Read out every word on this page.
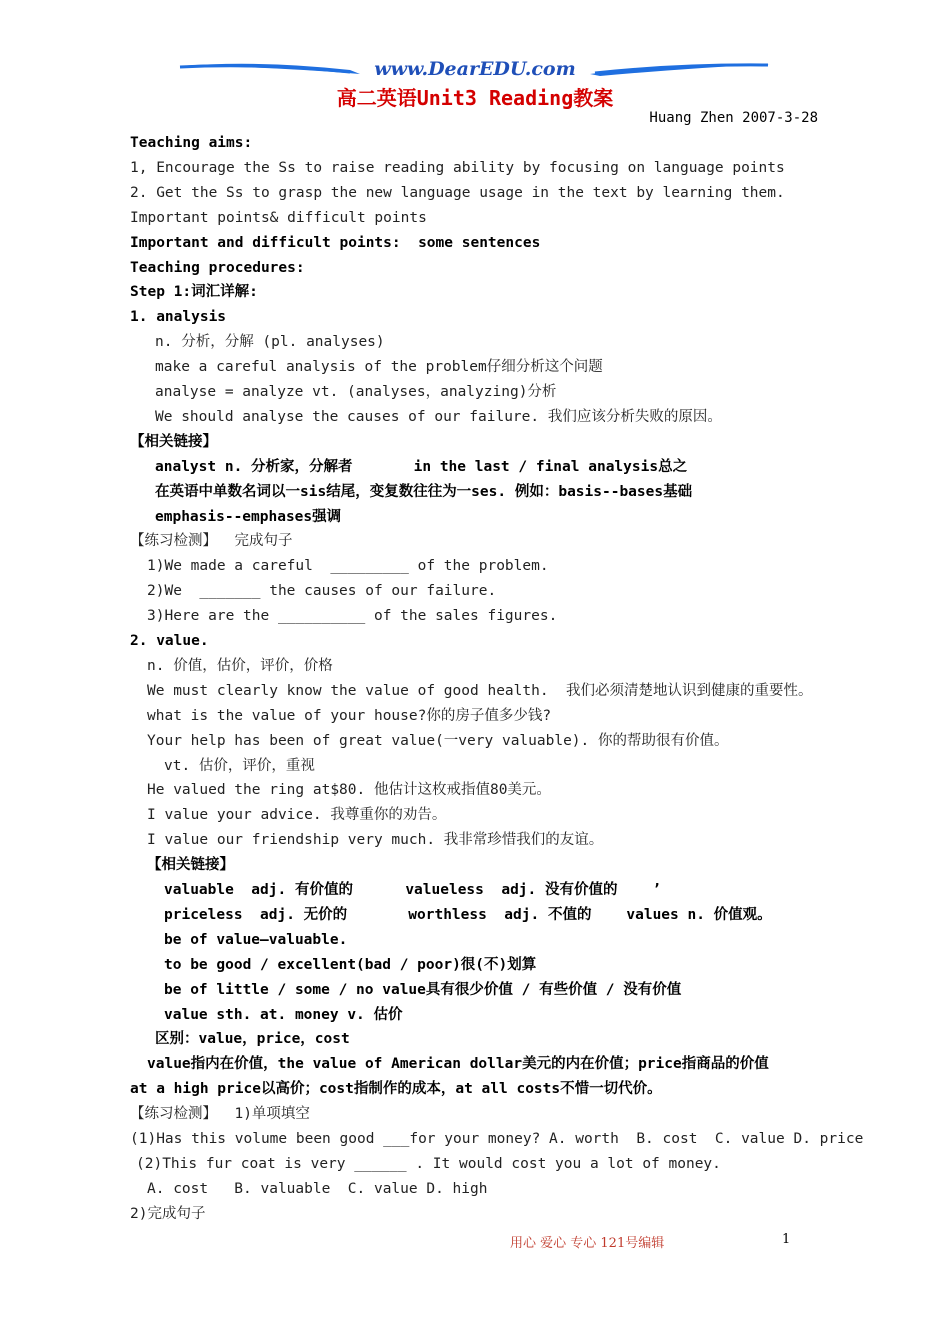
www.DearEDU.com
高二英语Unit3 Reading教案
Huang Zhen 2007-3-28
Teaching aims:
1, Encourage the Ss to raise reading ability by focusing on language points
2. Get the Ss to grasp the new language usage in the text by learning them.
Important points& difficult points
Important and difficult points:  some sentences
Teaching procedures:
Step 1:词汇详解:
1. analysis
n. 分析，分解 (pl. analyses)
make a careful analysis of the problem仔细分析这个问题
analyse = analyze vt. (analyses，analyzing)分析
We should analyse the causes of our failure. 我们应该分析失败的原因。
【相关链接】
analyst n. 分析家，分解者       in the last / final analysis总之
在英语中单数名词以一sis结尾，变复数往往为一ses. 例如：basis--bases基础
emphasis--emphases强调
【练习检测】  完成句子
1)We made a careful  _________ of the problem.
2)We  _______ the causes of our failure.
3)Here are the __________ of the sales figures.
2. value.
n. 价值，估价，评价，价格
We must clearly know the value of good health.  我们必须清楚地认识到健康的重要性。
what is the value of your house?你的房子值多少钱?
Your help has been of great value(一very valuable). 你的帮助很有价值。
vt. 估价，评价，重视
He valued the ring at$80. 他估计这枚戒指值80美元。
I value your advice. 我尊重你的劝告。
I value our friendship very much. 我非常珍惜我们的友谊。
【相关链接】
valuable  adj. 有价值的      valueless  adj. 没有价值的    ’
priceless  adj. 无价的       worthless  adj. 不值的    values n. 价值观。
be of value—valuable.
to be good / excellent(bad / poor)很(不)划算
be of little / some / no value具有很少价值 / 有些价值 / 没有价值
value sth. at. money v. 估价
区别：value，price，cost
value指内在价值，the value of American dollar美元的内在价值；price指商品的价值
at a high price以高价；cost指制作的成本，at all costs不惜一切代价。
【练习检测】  1)单项填空
(1)Has this volume been good ___for your money? A. worth  B. cost  C. value D. price
(2)This fur coat is very ______ . It would cost you a lot of money.
A. cost   B. valuable  C. value D. high
2)完成句子
用心 爱心 专心 121号编辑	1
